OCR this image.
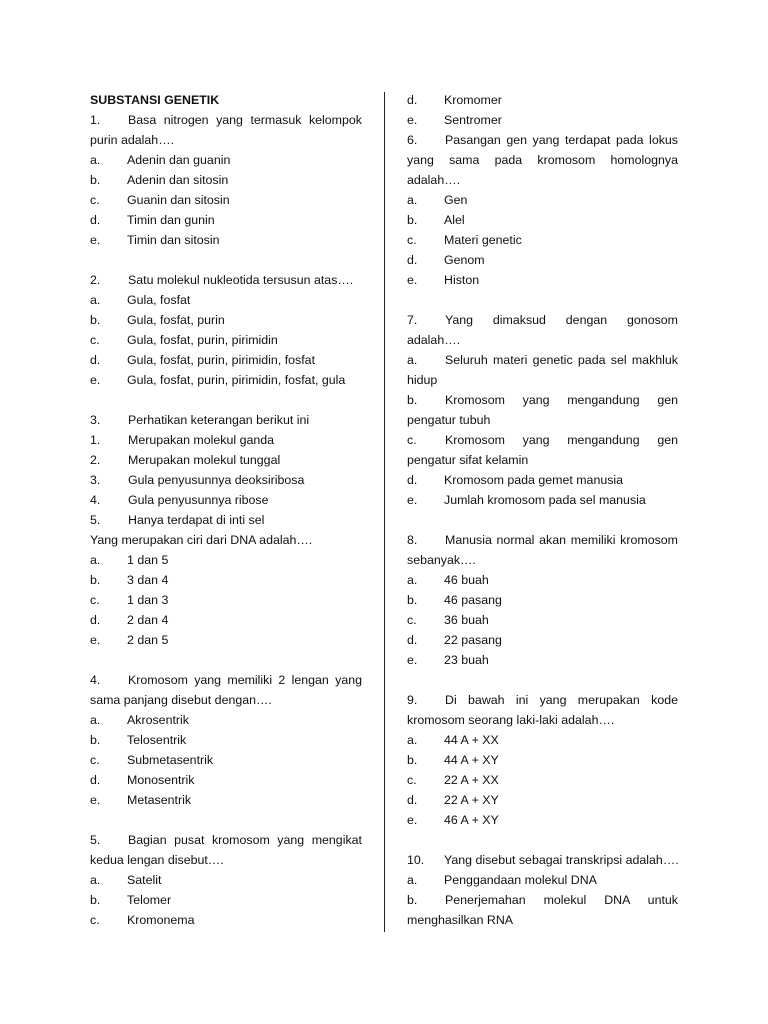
SUBSTANSI GENETIK
1. Basa nitrogen yang termasuk kelompok purin adalah….
a.	Adenin dan guanin
b.	Adenin dan sitosin
c.	Guanin dan sitosin
d.	Timin dan gunin
e.	Timin dan sitosin
2.	Satu molekul nukleotida tersusun atas….
a.	Gula, fosfat
b.	Gula, fosfat, purin
c.	Gula, fosfat, purin, pirimidin
d.	Gula, fosfat, purin, pirimidin, fosfat
e.	Gula, fosfat, purin, pirimidin, fosfat, gula
3.	Perhatikan keterangan berikut ini
1.	Merupakan molekul ganda
2.	Merupakan molekul tunggal
3.	Gula penyusunnya deoksiribosa
4.	Gula penyusunnya ribose
5.	Hanya terdapat di inti sel
Yang merupakan ciri dari DNA adalah….
a.	1 dan 5
b.	3 dan 4
c.	1 dan 3
d.	2 dan 4
e.	2 dan 5
4. Kromosom yang memiliki 2 lengan yang sama panjang disebut dengan….
a.	Akrosentrik
b.	Telosentrik
c.	Submetasentrik
d.	Monosentrik
e.	Metasentrik
5. Bagian pusat kromosom yang mengikat kedua lengan disebut….
a.	Satelit
b.	Telomer
c.	Kromonema
d.	Kromomer
e.	Sentromer
6. Pasangan gen yang terdapat pada lokus yang sama pada kromosom homolognya adalah….
a.	Gen
b.	Alel
c.	Materi genetic
d.	Genom
e.	Histon
7. Yang dimaksud dengan gonosom adalah….
a. Seluruh materi genetic pada sel makhluk hidup
b. Kromosom yang mengandung gen pengatur tubuh
c. Kromosom yang mengandung gen pengatur sifat kelamin
d.	Kromosom pada gemet manusia
e.	Jumlah kromosom pada sel manusia
8. Manusia normal akan memiliki kromosom sebanyak….
a.	46 buah
b.	46 pasang
c.	36 buah
d.	22 pasang
e.	23 buah
9. Di bawah ini yang merupakan kode kromosom seorang laki-laki adalah….
a.	44 A + XX
b.	44 A + XY
c.	22 A + XX
d.	22 A + XY
e.	46 A + XY
10.	Yang disebut sebagai transkripsi adalah….
a.	Penggandaan molekul DNA
b. Penerjemahan molekul DNA untuk menghasilkan RNA
